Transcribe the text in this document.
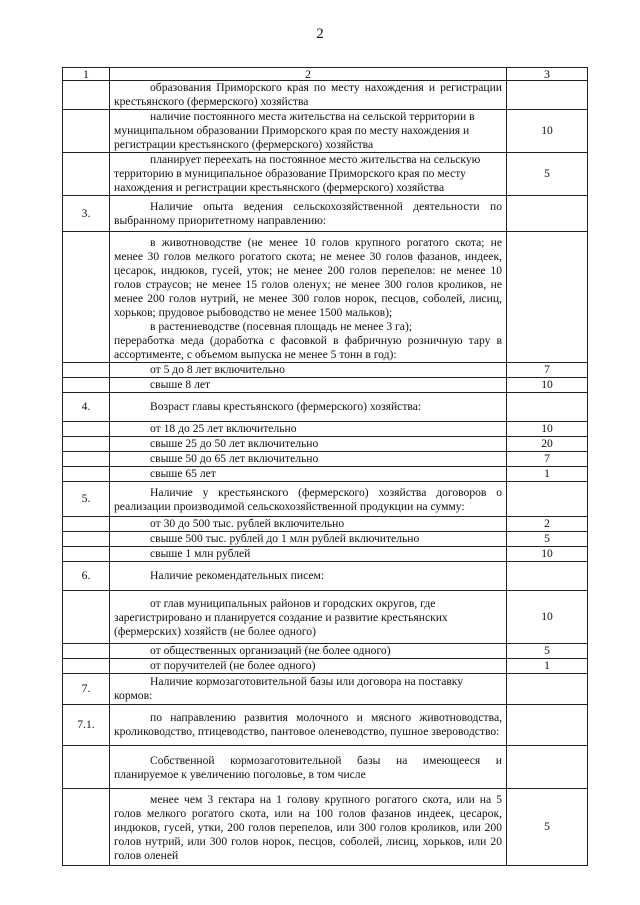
2
1	2	3
	образования Приморского края по месту нахождения и регистрации крестьянского (фермерского) хозяйства	
	наличие постоянного места жительства на сельской территории в муниципальном образовании Приморского края по месту нахождения и регистрации крестьянского (фермерского) хозяйства	10
	планирует переехать на постоянное место жительства на сельскую территорию в муниципальное образование Приморского края по месту нахождения и регистрации крестьянского (фермерского) хозяйства	5
3.	Наличие опыта ведения сельскохозяйственной деятельности по выбранному приоритетному направлению:	

	в животноводстве (не менее 10 голов крупного рогатого скота; не менее 30 голов мелкого рогатого скота; не менее 30 голов фазанов, индеек, цесарок, индюков, гусей, уток; не менее 200 голов перепелов: не менее 10 голов страусов; не менее 15 голов оленух; не менее 300 голов кроликов, не менее 200 голов нутрий, не менее 300 голов норок, песцов, соболей, лисиц, хорьков; прудовое рыбоводство не менее 1500 мальков);
в растениеводстве (посевная площадь не менее 3 га);
переработка меда (доработка с фасовкой в фабричную розничную тару в ассортименте, с объемом выпуска не менее 5 тонн в год):	

	от 5 до 8 лет включительно	7
	свыше 8 лет	10
4.	Возраст главы крестьянского (фермерского) хозяйства:	
	от 18 до 25 лет включительно	10
	свыше 25 до 50 лет включительно	20
	свыше 50 до 65 лет включительно	7
	свыше 65 лет	1
5.	Наличие у крестьянского (фермерского) хозяйства договоров о реализации производимой сельскохозяйственной продукции на сумму:	
	от 30 до 500 тыс. рублей включительно	2
	свыше 500 тыс. рублей до 1 млн рублей включительно	5
	свыше 1 млн рублей	10
6.	Наличие рекомендательных писем:	
	от глав муниципальных районов и городских округов, где зарегистрировано и планируется создание и развитие крестьянских (фермерских) хозяйств (не более одного)	10
	от общественных организаций (не более одного)	5
	от поручителей (не более одного)	1
7.	Наличие кормозаготовительной базы или договора на поставку кормов:	
7.1.	по направлению развития молочного и мясного животноводства, кролиководство, птицеводство, пантовое оленеводство, пушное звероводство:	
	Собственной кормозаготовительной базы на имеющееся и планируемое к увеличению поголовье, в том числе	
	менее чем 3 гектара на 1 голову крупного рогатого скота, или на 5 голов мелкого рогатого скота, или на 100 голов фазанов индеек, цесарок, индюков, гусей, утки, 200 голов перепелов, или 300 голов кроликов, или 200 голов нутрий, или 300 голов норок, песцов, соболей, лисиц, хорьков, или 20 голов оленей	5
